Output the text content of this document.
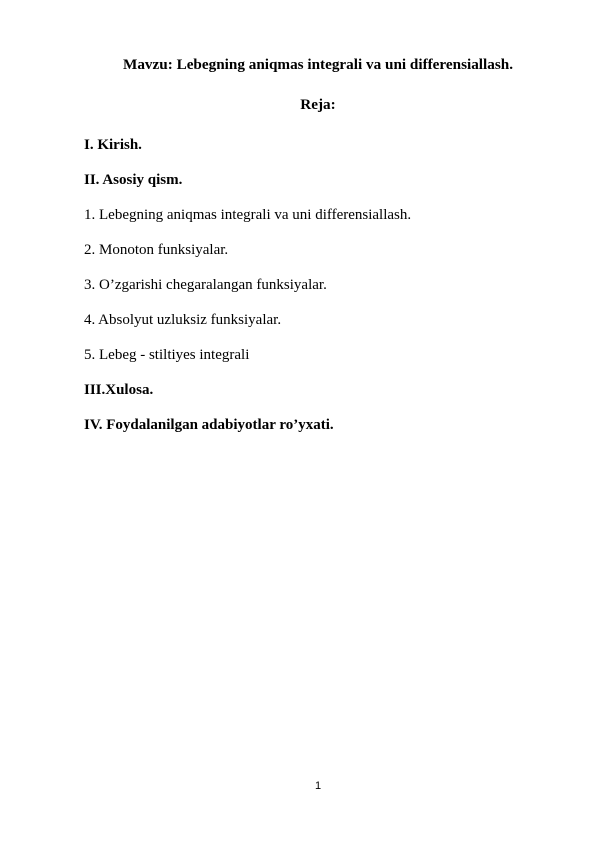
Mavzu: Lebegning aniqmas integrali va uni differensiallash.
Reja:
I. Kirish.
II. Asosiy qism.
1. Lebegning aniqmas integrali va uni differensiallash.
2. Monoton funksiyalar.
3. O’zgarishi chegaralangan funksiyalar.
4. Absolyut uzluksiz funksiyalar.
5. Lebeg - stiltiyes integrali
III.Xulosa.
IV. Foydalanilgan adabiyotlar ro’yxati.
1
